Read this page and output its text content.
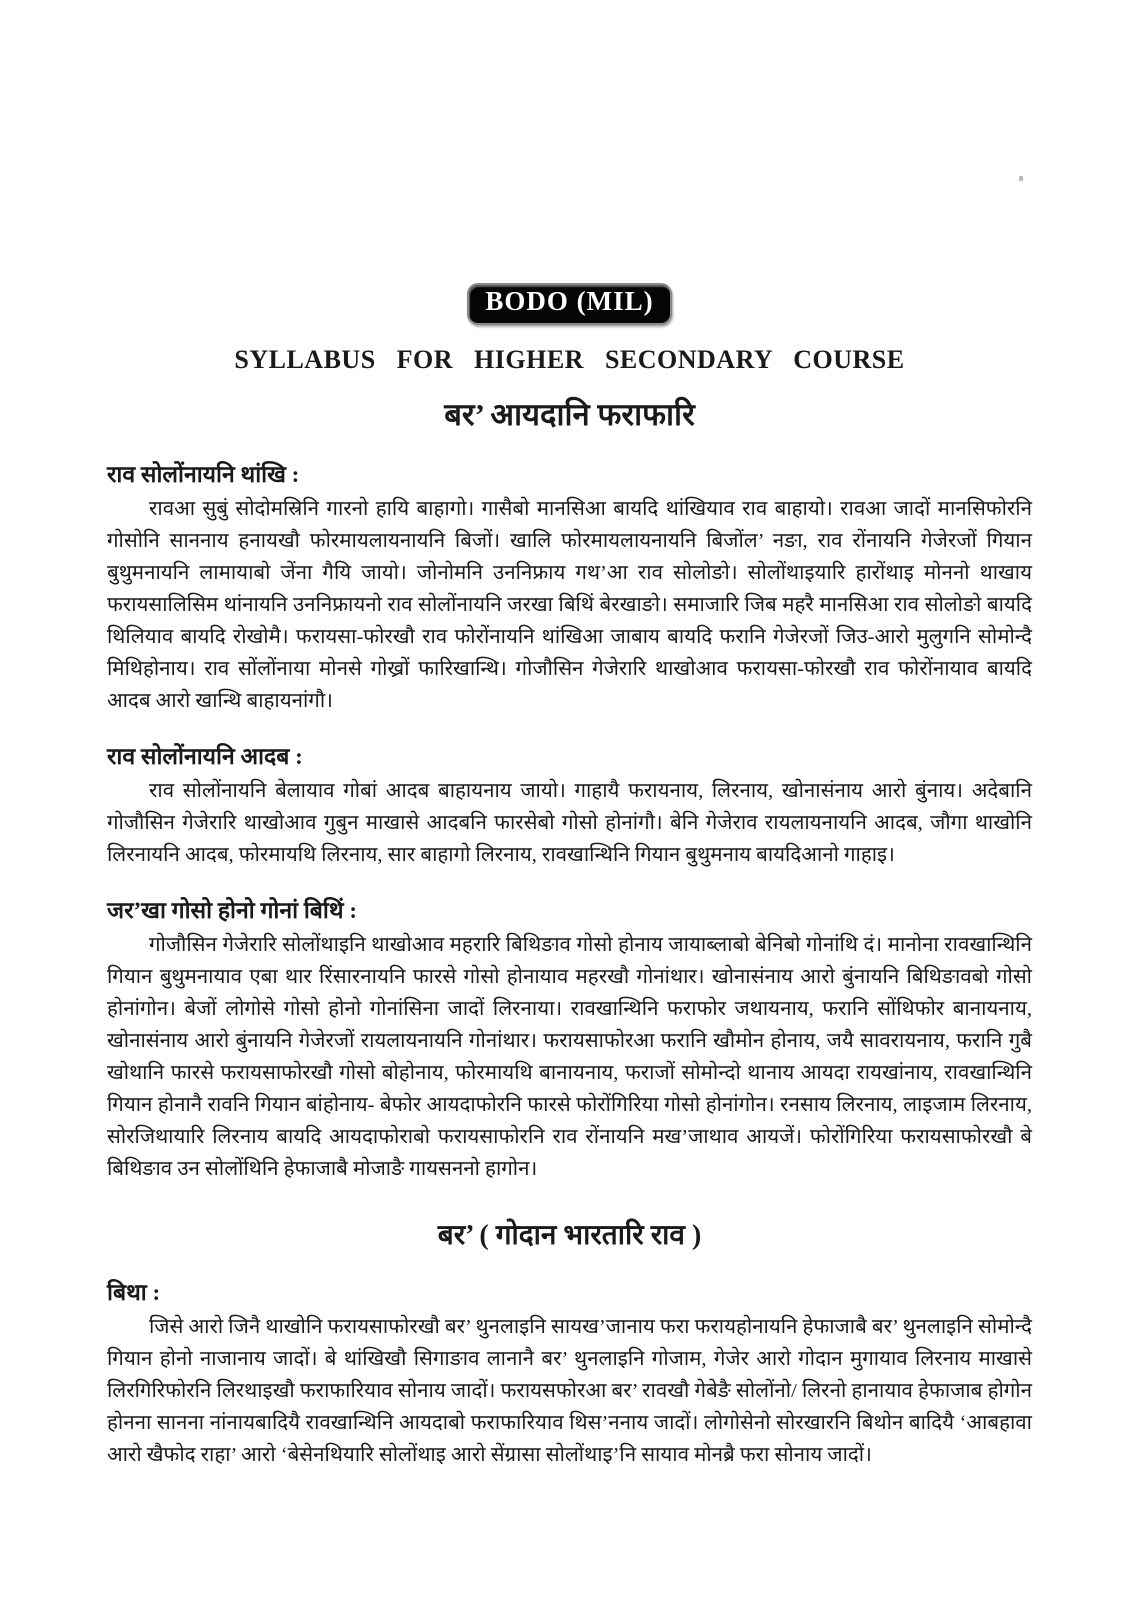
BODO (MIL)
SYLLABUS FOR HIGHER SECONDARY COURSE
बर’ आयदानि फराफारि
राव सोलोंनायनि थांखि :

रावआ सुबुं सोदोमस्रिनि गारनो हायि बाहागो। गासैबो मानसिआ बायदि थांखियाव राव बाहायो। रावआ जादों मानसिफोरनि गोसोनि साननाय हनायखौ फोरमायलायनायनि बिजों। खालि फोरमायलायनायनि बिजोंल’ नङा, राव रोंनायनि गेजेरजों गियान बुथुमनायनि लामायाबो जेंना गैयि जायो। जोनोमनि उननिफ्राय गथ’आ राव सोलोङो। सोलोंथाइयारि हारोंथाइ मोननो थाखाय फरायसालिसिम थांनायनि उननिफ्रायनो राव सोलोंनायनि जरखा बिथिं बेरखाङो। समाजारि जिब महरै मानसिआ राव सोलोङो बायदि थिलियाव बायदि रोखोमै। फरायसा-फोरखौ राव फोरोंनायनि थांखिआ जाबाय बायदि फरानि गेजेरजों जिउ-आरो मुलुगनि सोमोन्दै मिथिहोनाय। राव सोंलोंनाया मोनसे गोख्रों फारिखान्थि। गोजौसिन गेजेरारि थाखोआव फरायसा-फोरखौ राव फोरोंनायाव बायदि आदब आरो खान्थि बाहायनांगौ।

राव सोलोंनायनि आदब :

राव सोलोंनायनि बेलायाव गोबां आदब बाहायनाय जायो। गाहायै फरायनाय, लिरनाय, खोनासंनाय आरो बुंनाय। अदेबानि गोजौसिन गेजेरारि थाखोआव गुबुन माखासे आदबनि फारसेबो गोसो होनांगौ। बेनि गेजेराव रायलायनायनि आदब, जौगा थाखोनि लिरनायनि आदब, फोरमायथि लिरनाय, सार बाहागो लिरनाय, रावखान्थिनि गियान बुथुमनाय बायदिआनो गाहाइ।

जर’खा गोसो होनो गोनां बिथिं :

गोजौसिन गेजेरारि सोलोंथाइनि थाखोआव महरारि बिथिङाव गोसो होनाय जायाब्लाबो बेनिबो गोनांथि दं। मानोना रावखान्थिनि गियान बुथुमनायाव एबा थार रिंसारनायनि फारसे गोसो होनायाव महरखौ गोनांथार। खोनासंनाय आरो बुंनायनि बिथिङावबो गोसो होनांगोन। बेजों लोगोसे गोसो होनो गोनांसिना जादों लिरनाया। रावखान्थिनि फराफोर जथायनाय, फरानि सोंथिफोर बानायनाय, खोनासंनाय आरो बुंनायनि गेजेरजों रायलायनायनि गोनांथार। फरायसाफोरआ फरानि खौमोन होनाय, जयै सावरायनाय, फरानि गुबै खोथानि फारसे फरायसाफोरखौ गोसो बोहोनाय, फोरमायथि बानायनाय, फराजों सोमोन्दो थानाय आयदा रायखांनाय, रावखान्थिनि गियान होनानै रावनि गियान बांहोनाय- बेफोर आयदाफोरनि फारसे फोरोंगिरिया गोसो होनांगोन। रनसाय लिरनाय, लाइजाम लिरनाय, सोरजिथायारि लिरनाय बायदि आयदाफोराबो फरायसाफोरनि राव रोंनायनि मख’जाथाव आयजें। फोरोंगिरिया फरायसाफोरखौ बे बिथिङाव उन सोलोंथिनि हेफाजाबै मोजाङै गायसननो हागोन।

बर’ ( गोदान भारतारि राव )
बिथा :

जिसे आरो जिनै थाखोनि फरायसाफोरखौ बर’ थुनलाइनि सायख’जानाय फरा फरायहोनायनि हेफाजाबै बर’ थुनलाइनि सोमोन्दै गियान होनो नाजानाय जादों। बे थांखिखौ सिगाङाव लानानै बर’ थुनलाइनि गोजाम, गेजेर आरो गोदान मुगायाव लिरनाय माखासे लिरगिरिफोरनि लिरथाइखौ फराफारियाव सोनाय जादों। फरायसफोरआ बर’ रावखौ गेबेङै सोलोंनो/ लिरनो हानायाव हेफाजाब होगोन होनना सानना नांनायबादियै रावखान्थिनि आयदाबो फराफारियाव थिस’ननाय जादों। लोगोसेनो सोरखारनि बिथोन बादियै ‘आबहावा आरो खैफोद राहा’ आरो ‘बेसेनथियारि सोलोंथाइ आरो सेंग्रासा सोलोंथाइ’नि सायाव मोनब्रै फरा सोनाय जादों।
